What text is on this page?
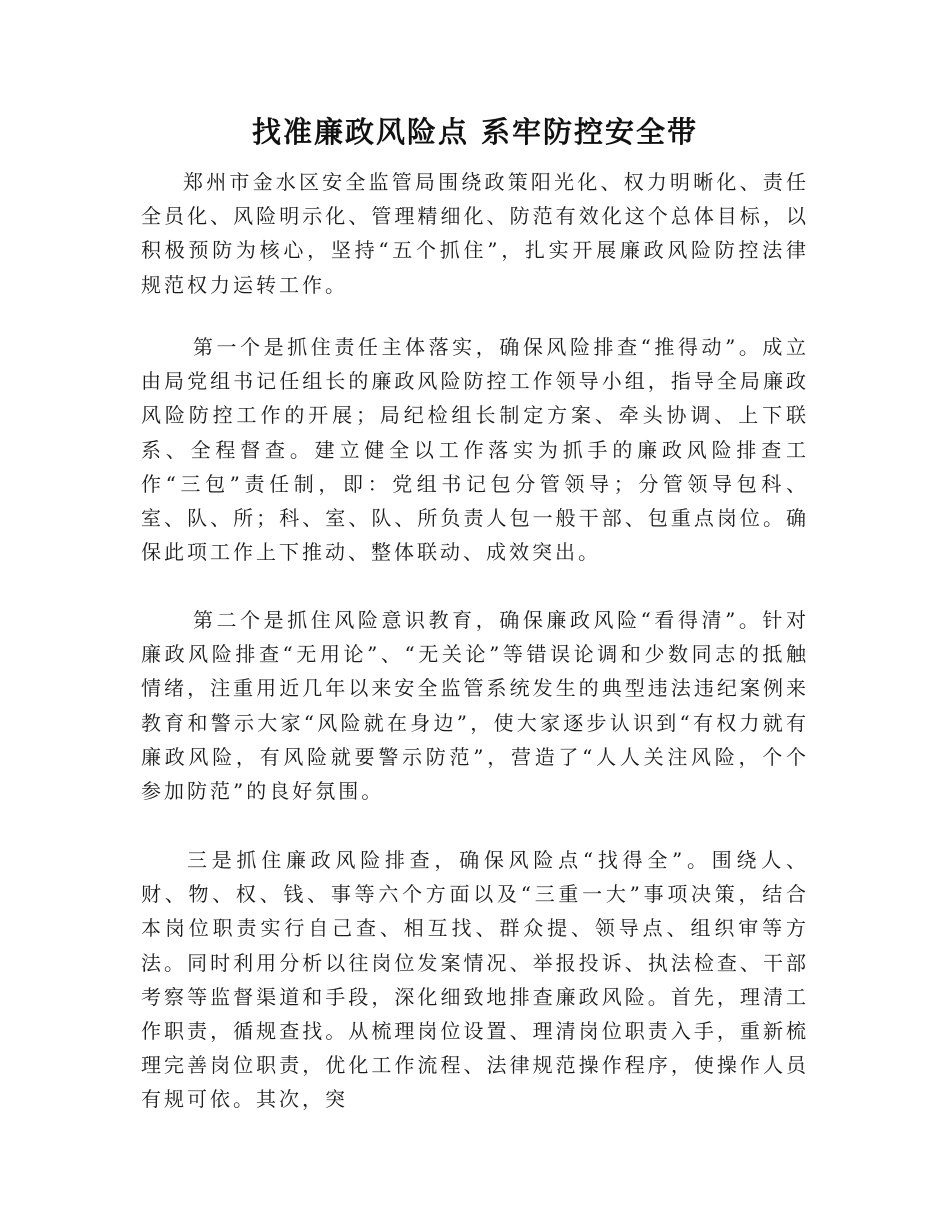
找准廉政风险点 系牢防控安全带

郑州市金水区安全监管局围绕政策阳光化、权力明晰化、责任全员化、风险明示化、管理精细化、防范有效化这个总体目标，以积极预防为核心，坚持“五个抓住”，扎实开展廉政风险防控法律规范权力运转工作。

第一个是抓住责任主体落实，确保风险排查“推得动”。成立由局党组书记任组长的廉政风险防控工作领导小组，指导全局廉政风险防控工作的开展；局纪检组长制定方案、牵头协调、上下联系、全程督查。建立健全以工作落实为抓手的廉政风险排查工作“三包”责任制，即：党组书记包分管领导；分管领导包科、室、队、所；科、室、队、所负责人包一般干部、包重点岗位。确保此项工作上下推动、整体联动、成效突出。

第二个是抓住风险意识教育，确保廉政风险“看得清”。针对廉政风险排查“无用论”、“无关论”等错误论调和少数同志的抵触情绪，注重用近几年以来安全监管系统发生的典型违法违纪案例来教育和警示大家“风险就在身边”，使大家逐步认识到“有权力就有廉政风险，有风险就要警示防范”，营造了“人人关注风险，个个参加防范”的良好氛围。

三是抓住廉政风险排查，确保风险点“找得全”。围绕人、财、物、权、钱、事等六个方面以及“三重一大”事项决策，结合本岗位职责实行自己查、相互找、群众提、领导点、组织审等方法。同时利用分析以往岗位发案情况、举报投诉、执法检查、干部考察等监督渠道和手段，深化细致地排查廉政风险。首先，理清工作职责，循规查找。从梳理岗位设置、理清岗位职责入手，重新梳理完善岗位职责，优化工作流程、法律规范操作程序，使操作人员有规可依。其次，突
